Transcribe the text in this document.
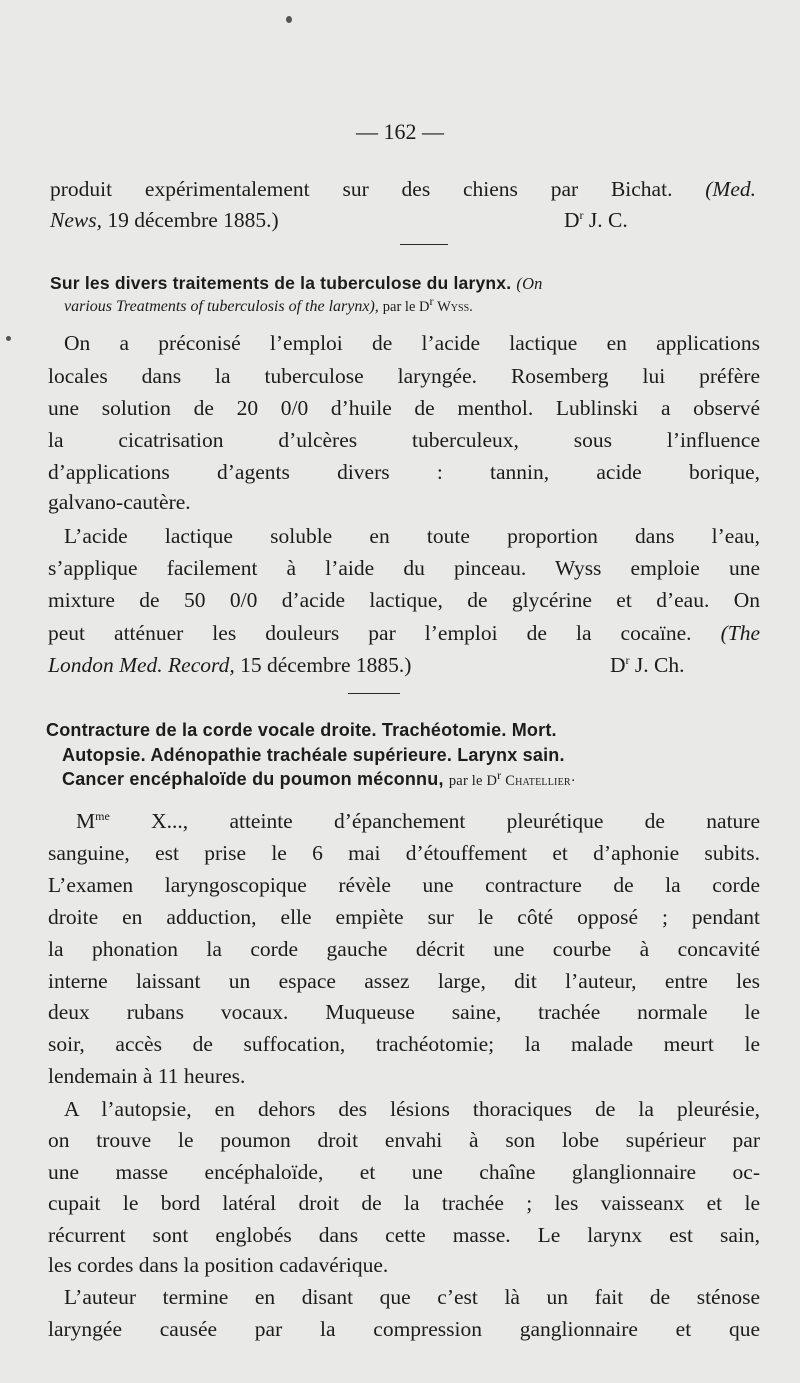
— 162 —
produit expérimentalement sur des chiens par Bichat. (Med.
News, 19 décembre 1885.)	$D^r$ J. C.
Sur les divers traitements de la tuberculose du larynx. (On
various Treatments of tuberculosis of the larynx), par le $D^r$ Wyss.
On a préconisé l’emploi de l’acide lactique en applications
locales dans la tuberculose laryngée. Rosemberg lui préfère
une solution de 20 0/0 d’huile de menthol. Lublinski a observé
la cicatrisation d’ulcères tuberculeux, sous l’influence
d’applications d’agents divers : tannin, acide borique,
galvano-cautère.
L’acide lactique soluble en toute proportion dans l’eau,
s’applique facilement à l’aide du pinceau. Wyss emploie une
mixture de 50 0/0 d’acide lactique, de glycérine et d’eau. On
peut atténuer les douleurs par l’emploi de la cocaïne. (The
London Med. Record, 15 décembre 1885.)	$D^r$ J. Ch.
Contracture de la corde vocale droite. Trachéotomie. Mort.
Autopsie. Adénopathie trachéale supérieure. Larynx sain.
Cancer encéphaloïde du poumon méconnu, par le $D^r$ Chatellier·
$M^{me}$ X..., atteinte d’épanchement pleurétique de nature
sanguine, est prise le 6 mai d’étouffement et d’aphonie subits.
L’examen laryngoscopique révèle une contracture de la corde
droite en adduction, elle empiète sur le côté opposé ; pendant
la phonation la corde gauche décrit une courbe à concavité
interne laissant un espace assez large, dit l’auteur, entre les
deux rubans vocaux. Muqueuse saine, trachée normale le
soir, accès de suffocation, trachéotomie; la malade meurt le
lendemain à 11 heures.
A l’autopsie, en dehors des lésions thoraciques de la pleurésie,
on trouve le poumon droit envahi à son lobe supérieur par
une masse encéphaloïde, et une chaîne glanglionnaire oc-
cupait le bord latéral droit de la trachée ; les vaisseanx et le
récurrent sont englobés dans cette masse. Le larynx est sain,
les cordes dans la position cadavérique.
L’auteur termine en disant que c’est là un fait de sténose
laryngée causée par la compression ganglionnaire et que
